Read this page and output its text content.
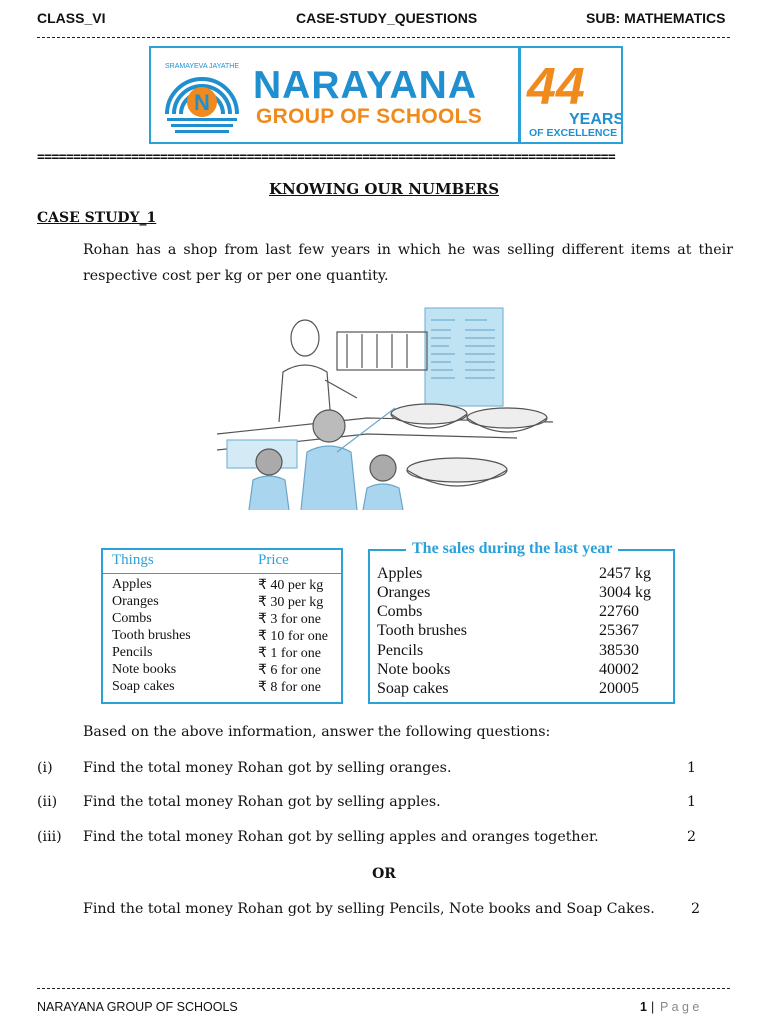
CLASS_VI	CASE-STUDY_QUESTIONS	SUB: MATHEMATICS
N
SRAMAYEVA JAYATHE NARAYANA
GROUP OF SCHOOLS
44
YEARS
OF EXCELLENCE
================================================================================
KNOWING OUR NUMBERS
CASE STUDY_1
Rohan has a shop from last few years in which he was selling different items at their respective cost per kg or per one quantity.
Things	Price
Apples	₹ 40 per kg
Oranges	₹ 30 per kg
Combs	₹ 3 for one
Tooth brushes	₹ 10 for one
Pencils	₹ 1 for one
Note books	₹ 6 for one
Soap cakes	₹ 8 for one
The sales during the last year
Apples	2457 kg
Oranges	3004 kg
Combs	22760
Tooth brushes	25367
Pencils	38530
Note books	40002
Soap cakes	20005
Based on the above information, answer the following questions:
(i) Find the total money Rohan got by selling oranges.	1
(ii) Find the total money Rohan got by selling apples.	1
(iii) Find the total money Rohan got by selling apples and oranges together.	2
OR
Find the total money Rohan got by selling Pencils, Note books and Soap Cakes.	2
NARAYANA GROUP OF SCHOOLS	1 | P a g e
